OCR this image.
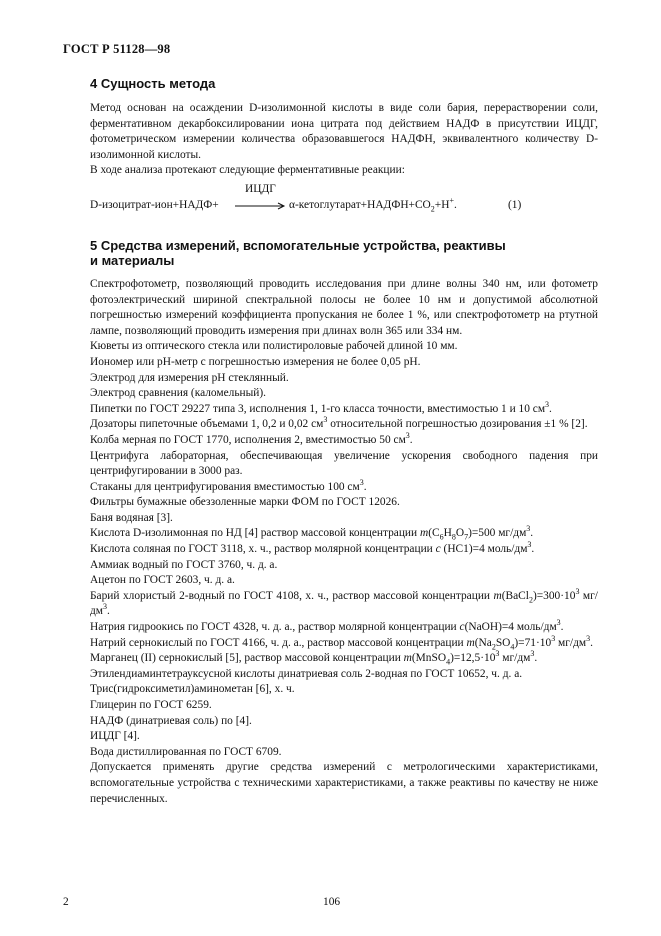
ГОСТ Р 51128—98
4 Сущность метода

Метод основан на осаждении D-изолимонной кислоты в виде соли бария, перерастворении соли, ферментативном декарбоксилировании иона цитрата под действием НАДФ в присутствии ИЦДГ, фотометрическом измерении количества образовавшегося НАДФН, эквивалентного количеству D-изолимонной кислоты.

В ходе анализа протекают следующие ферментативные реакции:

ИЦДГ
D-изоцитрат-ион+НАДФ+	$\alpha-кетоглутарат+НАДФН+CO_2+H^+$.	(1)
5 Средства измерений, вспомогательные устройства, реактивы
и материалы

Спектрофотометр, позволяющий проводить исследования при длине волны 340 нм, или фотометр фотоэлектрический шириной спектральной полосы не более 10 нм и допустимой абсолютной погрешностью измерений коэффициента пропускания не более 1 %, или спектрофотометр на ртутной лампе, позволяющий проводить измерения при длинах волн 365 или 334 нм.

Кюветы из оптического стекла или полистироловые рабочей длиной 10 мм.

Иономер или pH-метр с погрешностью измерения не более 0,05 pH.

Электрод для измерения pH стеклянный.

Электрод сравнения (каломельный).

Пипетки по ГОСТ 29227 типа 3, исполнения 1, 1-го класса точности, вместимостью 1 и 10 $см^3$.

Дозаторы пипеточные объемами 1, 0,2 и 0,02 $см^3$ относительной погрешностью дозирования ±1 % [2].

Колба мерная по ГОСТ 1770, исполнения 2, вместимостью 50 $см^3$.

Центрифуга лабораторная, обеспечивающая увеличение ускорения свободного падения при центрифугировании в 3000 раз.

Стаканы для центрифугирования вместимостью 100 $см^3$.

Фильтры бумажные обеззоленные марки ФОМ по ГОСТ 12026.

Баня водяная [3].

Кислота D-изолимонная по НД [4] раствор массовой концентрации $m(C_6H_8O_7)=500$ $мг/дм^3$.

Кислота соляная по ГОСТ 3118, х. ч., раствор молярной концентрации c (HC1)=4 моль/$дм^3$.

Аммиак водный по ГОСТ 3760, ч. д. а.

Ацетон по ГОСТ 2603, ч. д. а.

Барий хлористый 2-водный по ГОСТ 4108, х. ч., раствор массовой концентрации $m(BaCl_2)=300\cdot 10^3$ $мг/дм^3$.

Натрия гидроокись по ГОСТ 4328, ч. д. а., раствор молярной концентрации c(NaOH)=4 моль/$дм^3$.

Натрий сернокислый по ГОСТ 4166, ч. д. а., раствор массовой концентрации $m(Na_2SO_4)=71\cdot 10^3$ $мг/дм^3$.

Марганец (II) сернокислый [5], раствор массовой концентрации $m(MnSO_4)=12,5\cdot 10^3$ $мг/дм^3$.

Этилендиаминтетрауксусной кислоты динатриевая соль 2-водная по ГОСТ 10652, ч. д. а.

Трис(гидроксиметил)аминометан [6], х. ч.

Глицерин по ГОСТ 6259.

НАДФ (динатриевая соль) по [4].

ИЦДГ [4].

Вода дистиллированная по ГОСТ 6709.

Допускается применять другие средства измерений с метрологическими характеристиками, вспомогательные устройства с техническими характеристиками, а также реактивы по качеству не ниже перечисленных.

2	106
